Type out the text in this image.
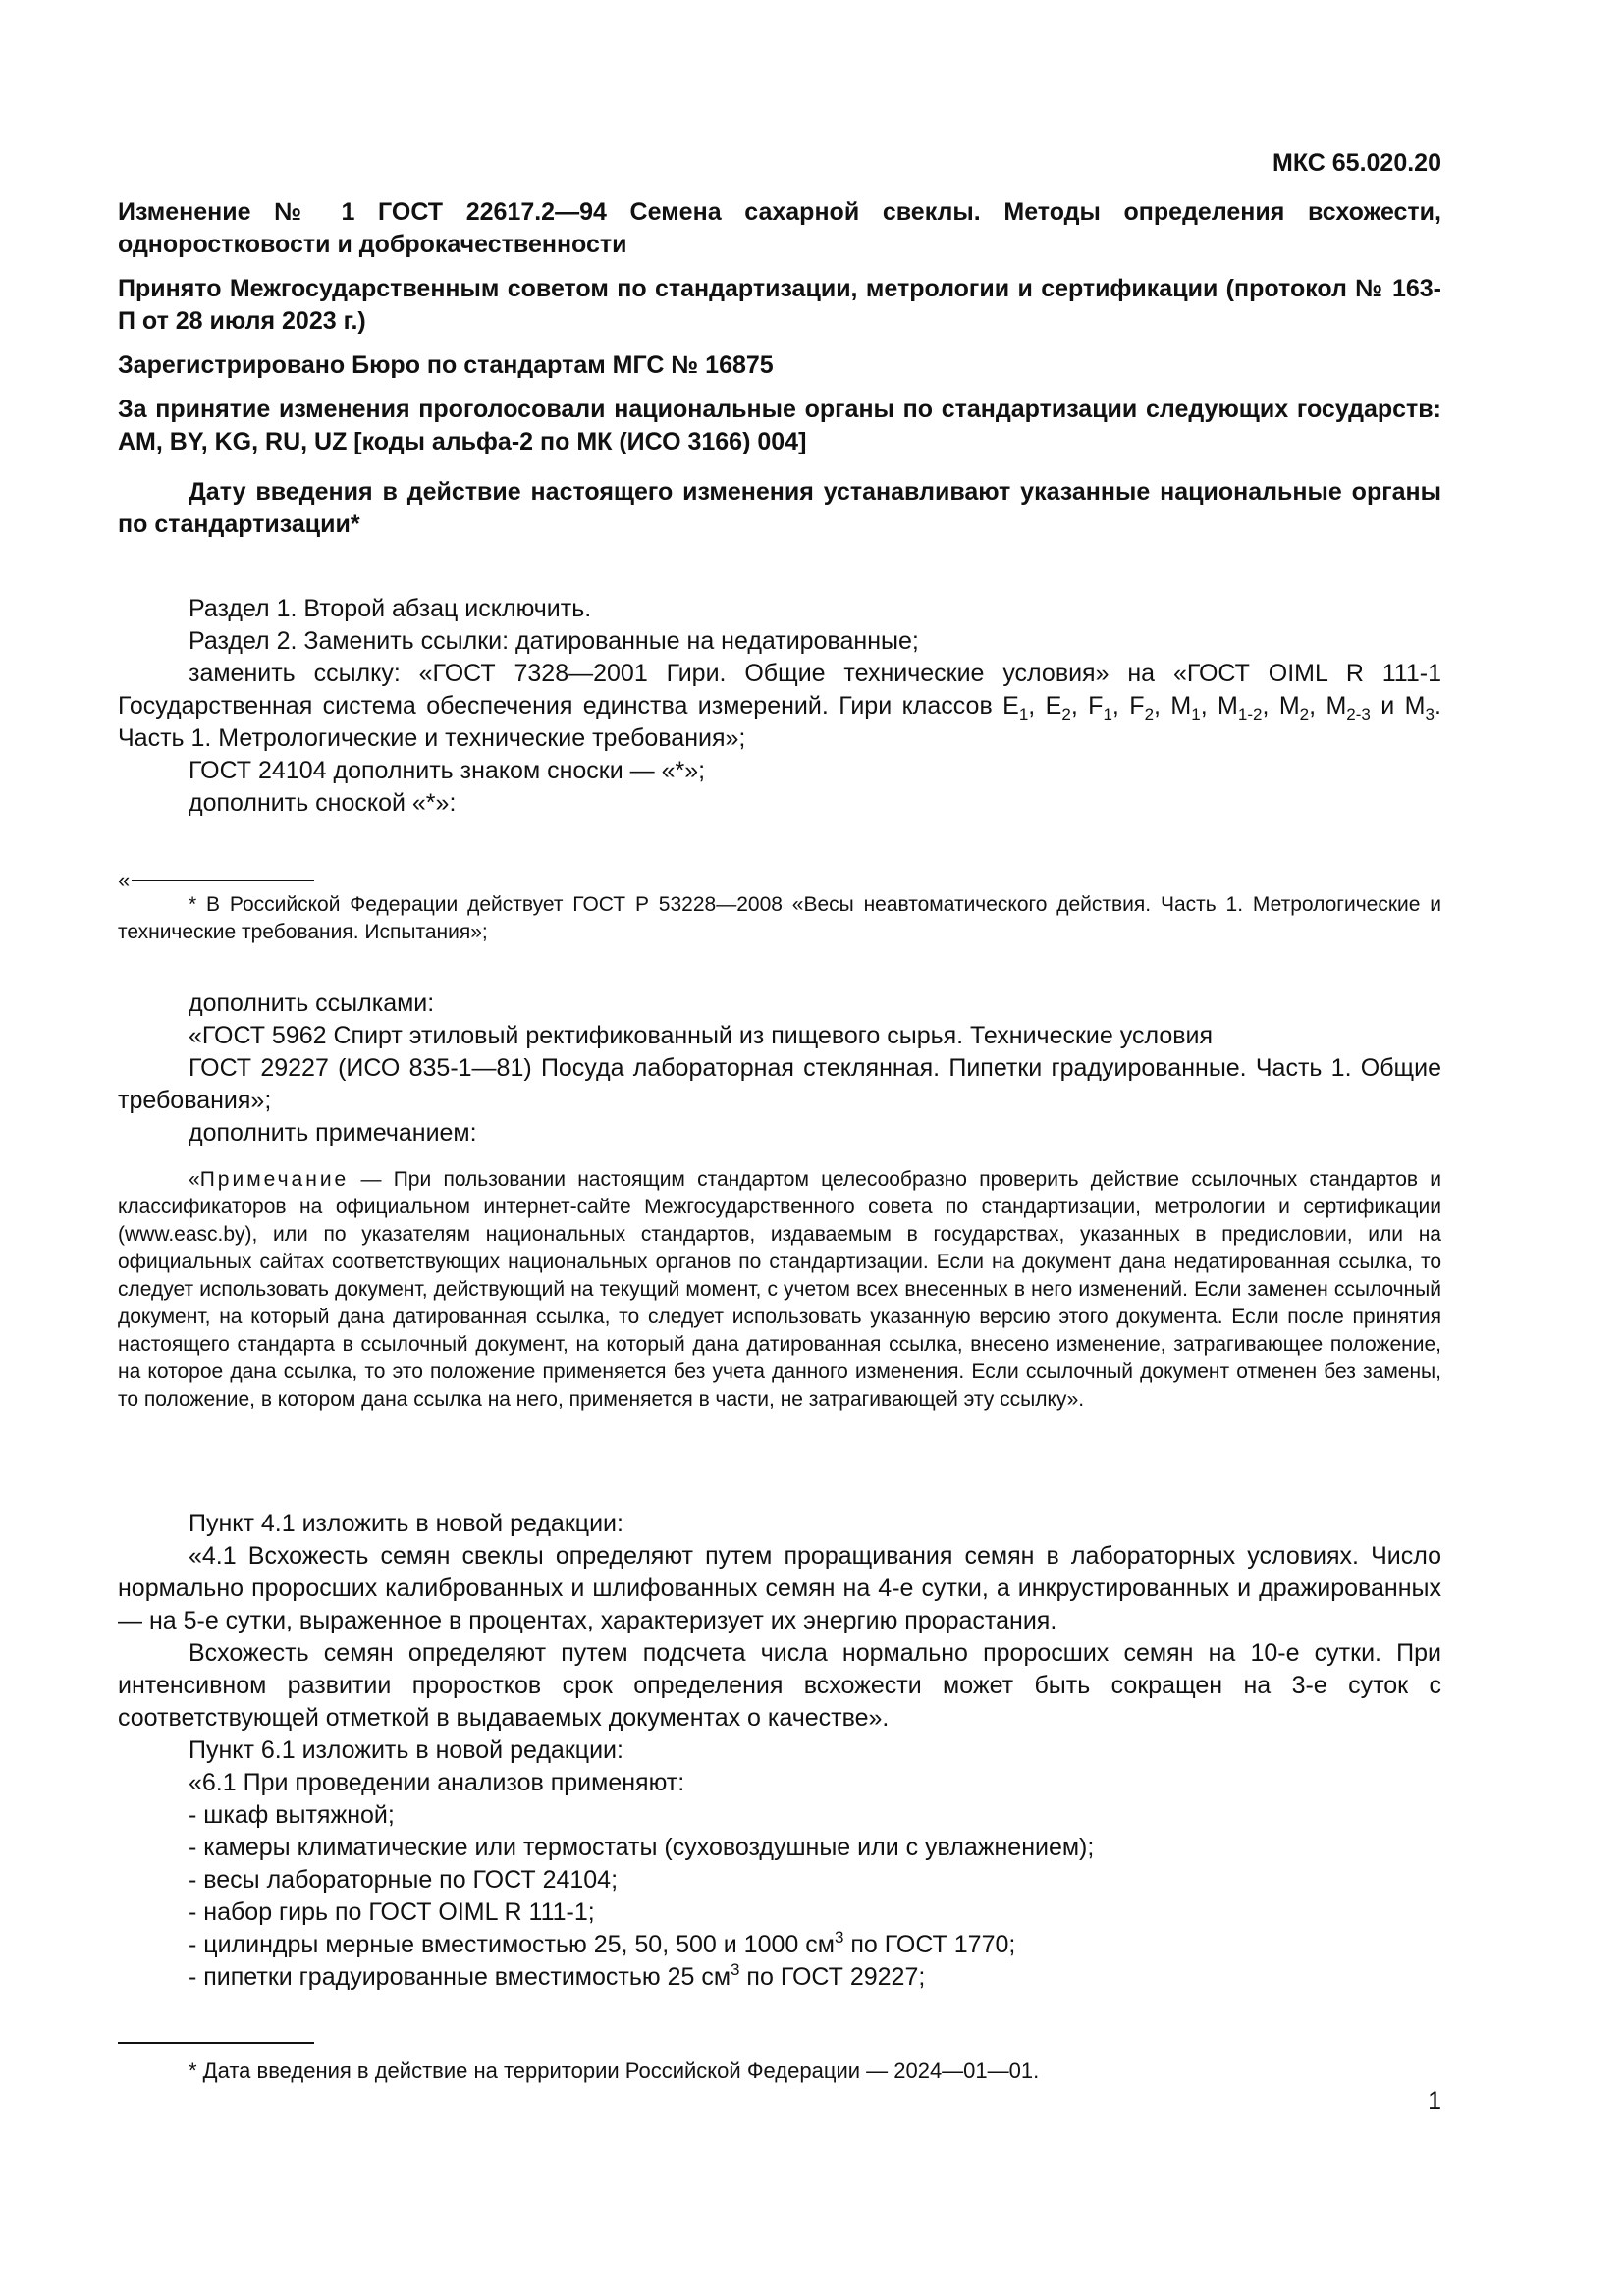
МКС 65.020.20

Изменение № 1 ГОСТ 22617.2—94 Семена сахарной свеклы. Методы определения всхожести, одноростковости и доброкачественности

Принято Межгосударственным советом по стандартизации, метрологии и сертификации (протокол № 163-П от 28 июля 2023 г.)

Зарегистрировано Бюро по стандартам МГС № 16875

За принятие изменения проголосовали национальные органы по стандартизации следующих государств: AM, BY, KG, RU, UZ [коды альфа-2 по МК (ИСО 3166) 004]

Дату введения в действие настоящего изменения устанавливают указанные национальные органы по стандартизации*

Раздел 1. Второй абзац исключить.

Раздел 2. Заменить ссылки: датированные на недатированные;

заменить ссылку: «ГОСТ 7328—2001 Гири. Общие технические условия» на «ГОСТ OIML R 111-1 Государственная система обеспечения единства измерений. Гири классов $E_1$, $E_2$, $F_1$, $F_2$, $M_1$, $M_{1-2}$, $M_2$, $M_{2-3}$ и $M_3$. Часть 1. Метрологические и технические требования»;

ГОСТ 24104 дополнить знаком сноски — «*»;

дополнить сноской «*»:

«

* В Российской Федерации действует ГОСТ Р 53228—2008 «Весы неавтоматического действия. Часть 1. Метрологические и технические требования. Испытания»;

дополнить ссылками:

«ГОСТ 5962 Спирт этиловый ректификованный из пищевого сырья. Технические условия

ГОСТ 29227 (ИСО 835-1—81) Посуда лабораторная стеклянная. Пипетки градуированные. Часть 1. Общие требования»;

дополнить примечанием:

«Примечание — При пользовании настоящим стандартом целесообразно проверить действие ссылочных стандартов и классификаторов на официальном интернет-сайте Межгосударственного совета по стандартизации, метрологии и сертификации (www.easc.by), или по указателям национальных стандартов, издаваемым в государствах, указанных в предисловии, или на официальных сайтах соответствующих национальных органов по стандартизации. Если на документ дана недатированная ссылка, то следует использовать документ, действующий на текущий момент, с учетом всех внесенных в него изменений. Если заменен ссылочный документ, на который дана датированная ссылка, то следует использовать указанную версию этого документа. Если после принятия настоящего стандарта в ссылочный документ, на который дана датированная ссылка, внесено изменение, затрагивающее положение, на которое дана ссылка, то это положение применяется без учета данного изменения. Если ссылочный документ отменен без замены, то положение, в котором дана ссылка на него, применяется в части, не затрагивающей эту ссылку».

Пункт 4.1 изложить в новой редакции:

«4.1 Всхожесть семян свеклы определяют путем проращивания семян в лабораторных условиях. Число нормально проросших калиброванных и шлифованных семян на 4-е сутки, а инкрустированных и дражированных — на 5-е сутки, выраженное в процентах, характеризует их энергию прорастания.

Всхожесть семян определяют путем подсчета числа нормально проросших семян на 10-е сутки. При интенсивном развитии проростков срок определения всхожести может быть сокращен на 3-е суток с соответствующей отметкой в выдаваемых документах о качестве».

Пункт 6.1 изложить в новой редакции:

«6.1 При проведении анализов применяют:

- шкаф вытяжной;

- камеры климатические или термостаты (суховоздушные или с увлажнением);

- весы лабораторные по ГОСТ 24104;

- набор гирь по ГОСТ OIML R 111-1;

- цилиндры мерные вместимостью 25, 50, 500 и 1000 $см^3$ по ГОСТ 1770;

- пипетки градуированные вместимостью 25 $см^3$ по ГОСТ 29227;

* Дата введения в действие на территории Российской Федерации — 2024—01—01.

1
